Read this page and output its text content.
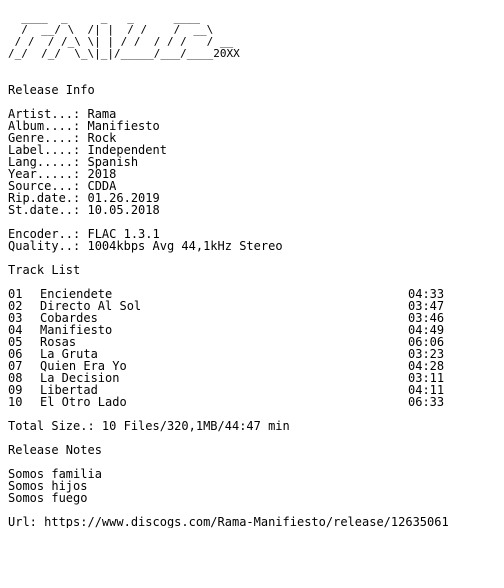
____  _     _   _      ____
/  __/ \  /| |  / /    /  __\
/ /  / /_\ \| | / /  / / /   / __
/_/  /_/  \_\|_|/_____/___/____20XX
Release Info
Artist...: Rama
Album....: Manifiesto
Genre....: Rock
Label....: Independent
Lang.....: Spanish
Year.....: 2018
Source...: CDDA
Rip.date.: 01.26.2019
St.date..: 10.05.2018
Encoder..: FLAC 1.3.1
Quality..: 1004kbps Avg 44,1kHz Stereo
Track List
01	Enciendete	04:33
02	Directo Al Sol	03:47
03	Cobardes	03:46
04	Manifiesto	04:49
05	Rosas	06:06
06	La Gruta	03:23
07	Quien Era Yo	04:28
08	La Decision	03:11
09	Libertad	04:11
10	El Otro Lado	06:33
Total Size.: 10 Files/320,1MB/44:47 min
Release Notes
Somos familia
Somos hijos
Somos fuego
Url: https://www.discogs.com/Rama-Manifiesto/release/12635061
